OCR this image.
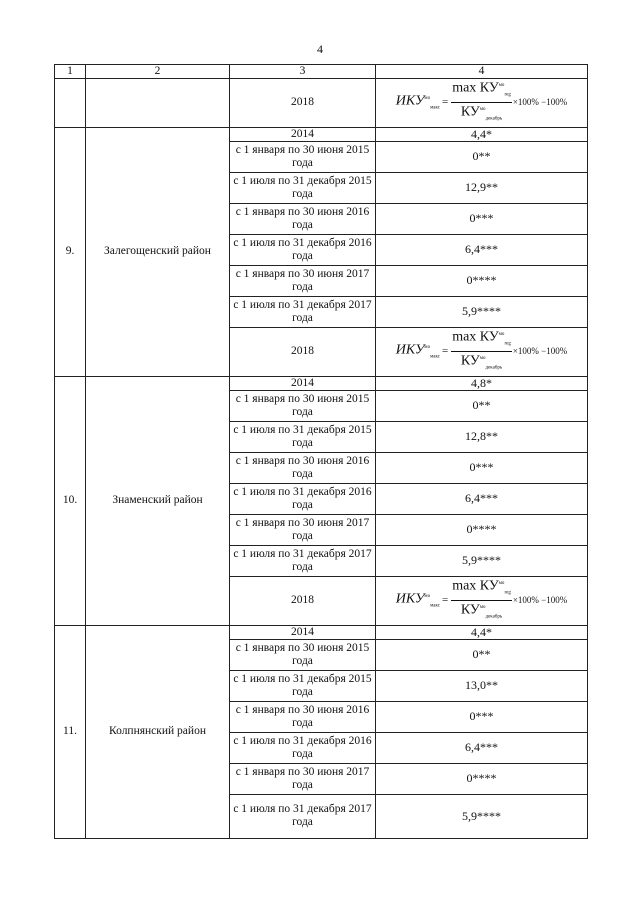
4
1	2	3	4
		2018	$ИКУ^{мо}_{макс} = \frac{\max КУ^{мо}_{reg}}{КУ^{мо}_{декабрь}} \times 100\% -100\%$

9.	Залегощенский район	2014	4,4*
		с 1 января по 30 июня 2015 года	0**
		с 1 июля по 31 декабря 2015 года	12,9**
		с 1 января по 30 июня 2016 года	0***
		с 1 июля по 31 декабря 2016 года	6,4***
		с 1 января по 30 июня 2017 года	0****
		с 1 июля по 31 декабря 2017 года	5,9****
		2018	$ИКУ^{мо}_{макс} = \frac{\max КУ^{мо}_{reg}}{КУ^{мо}_{декабрь}} \times 100\% -100\%$

10.	Знаменский район	2014	4,8*
		с 1 января по 30 июня 2015 года	0**
		с 1 июля по 31 декабря 2015 года	12,8**
		с 1 января по 30 июня 2016 года	0***
		с 1 июля по 31 декабря 2016 года	6,4***
		с 1 января по 30 июня 2017 года	0****
		с 1 июля по 31 декабря 2017 года	5,9****
		2018	$ИКУ^{мо}_{макс} = \frac{\max КУ^{мо}_{reg}}{КУ^{мо}_{декабрь}} \times 100\% -100\%$

11.	Колпнянский район	2014	4,4*
		с 1 января по 30 июня 2015 года	0**
		с 1 июля по 31 декабря 2015 года	13,0**
		с 1 января по 30 июня 2016 года	0***
		с 1 июля по 31 декабря 2016 года	6,4***
		с 1 января по 30 июня 2017 года	0****
		с 1 июля по 31 декабря 2017 года	5,9****
